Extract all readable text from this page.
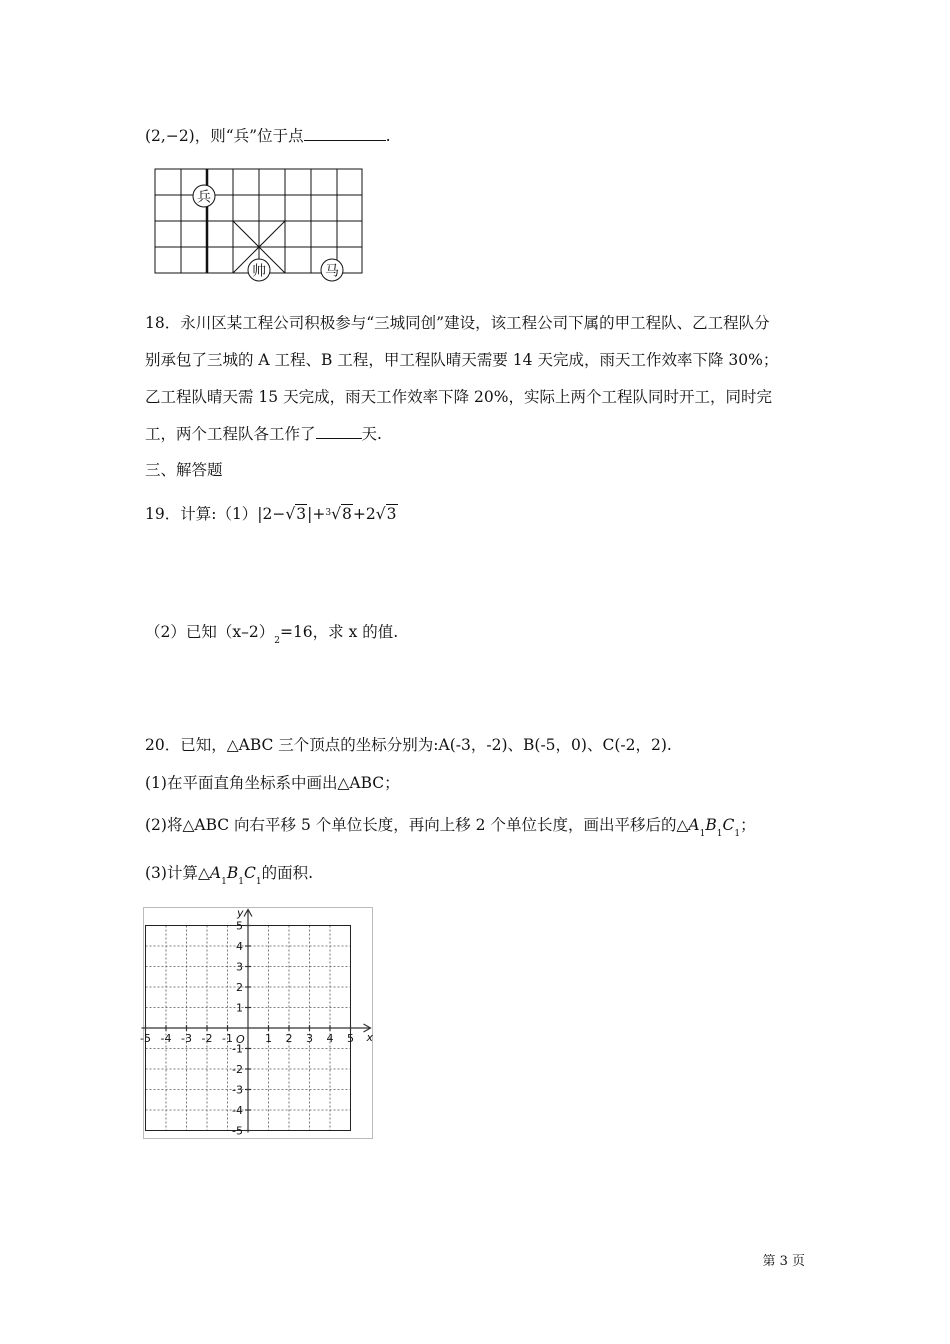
(2,−2)，则“兵”位于点	.
兵
帅	马
18．永川区某工程公司积极参与“三城同创”建设，该工程公司下属的甲工程队、乙工程队分
别承包了三城的 A 工程、B 工程，甲工程队晴天需要 14 天完成，雨天工作效率下降 30%；
乙工程队晴天需 15 天完成，雨天工作效率下降 20%，实际上两个工程队同时开工，同时完
工，两个工程队各工作了	天.
三、解答题
19．计算:（1）|2−√3|+$^3$√8+2√3
（2）已知$(x-2)_2=16$，求 x 的值.
20．已知，△ABC 三个顶点的坐标分别为:A(-3，-2)、B(-5，0)、C(-2，2).
(1)在平面直角坐标系中画出△ABC；
(2)将△ABC 向右平移 5 个单位长度，再向上移 2 个单位长度，画出平移后的$\triangle A_1B_1C_1$；
(3)计算$\triangle A_1B_1C_1$的面积.
-5 -4 -3 -2 -1	1 2 3 4 5
5
4
3
2
1
-1
-2
-3
-4
-5
O	x
y
第 3 页
